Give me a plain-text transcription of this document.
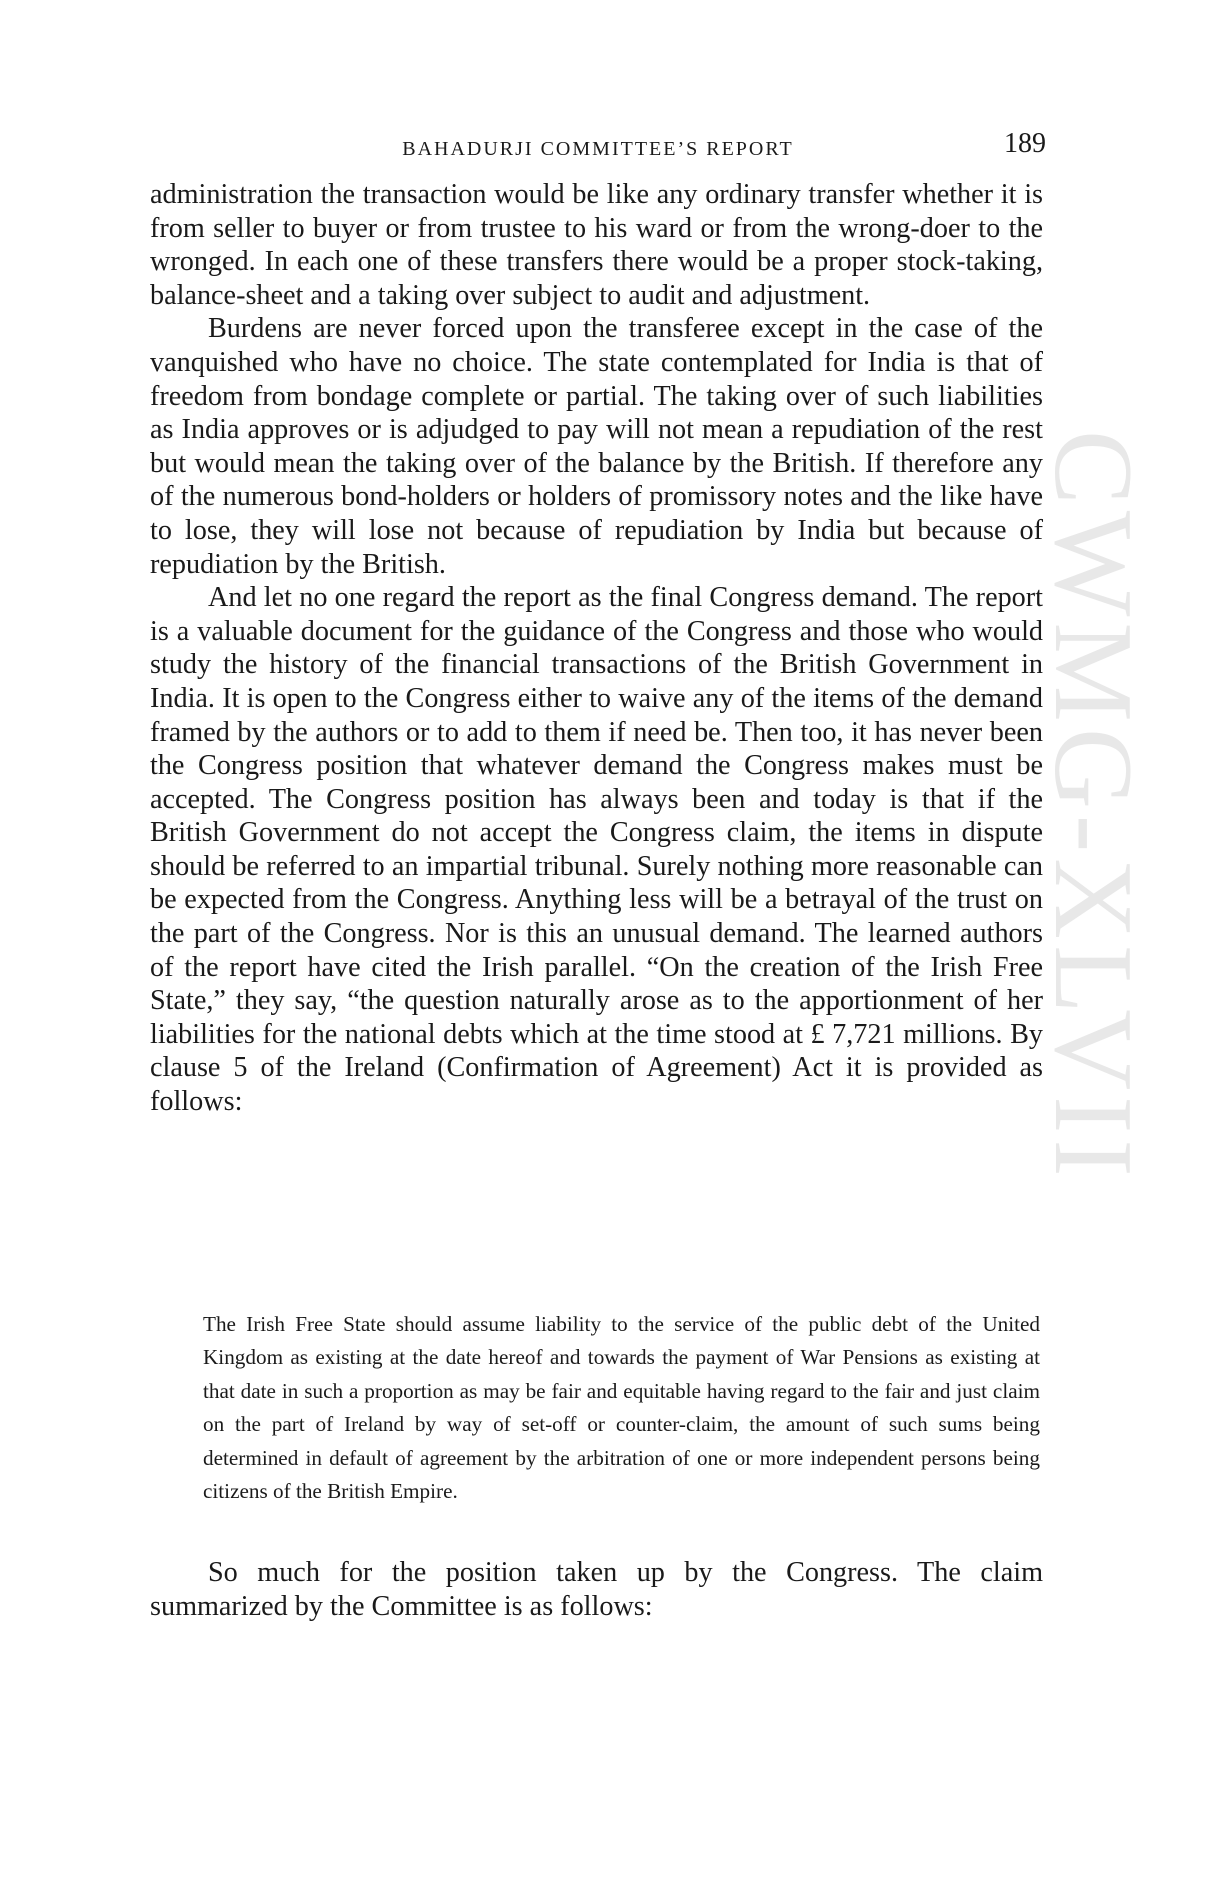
BAHADURJI COMMITTEE’S REPORT	189

administration the transaction would be like any ordinary transfer whether it is from seller to buyer or from trustee to his ward or from the wrong-doer to the wronged. In each one of these transfers there would be a proper stock-taking, balance-sheet and a taking over subject to audit and adjustment.

Burdens are never forced upon the transferee except in the case of the vanquished who have no choice. The state contemplated for India is that of freedom from bondage complete or partial. The taking over of such liabilities as India approves or is adjudged to pay will not mean a repudiation of the rest but would mean the taking over of the balance by the British. If therefore any of the numerous bond-holders or holders of promissory notes and the like have to lose, they will lose not because of repudiation by India but because of repudiation by the British.

And let no one regard the report as the final Congress demand. The report is a valuable document for the guidance of the Congress and those who would study the history of the financial transactions of the British Government in India. It is open to the Congress either to waive any of the items of the demand framed by the authors or to add to them if need be. Then too, it has never been the Congress position that whatever demand the Congress makes must be accepted. The Congress position has always been and today is that if the British Government do not accept the Congress claim, the items in dispute should be referred to an impartial tribunal. Surely nothing more reasonable can be expected from the Congress. Anything less will be a betrayal of the trust on the part of the Congress. Nor is this an unusual demand. The learned authors of the report have cited the Irish parallel. “On the creation of the Irish Free State,” they say, “the question naturally arose as to the apportionment of her liabilities for the national debts which at the time stood at £ 7,721 millions. By clause 5 of the Ireland (Confirmation of Agreement) Act it is provided as follows:

The Irish Free State should assume liability to the service of the public debt of the United Kingdom as existing at the date hereof and towards the payment of War Pensions as existing at that date in such a proportion as may be fair and equitable having regard to the fair and just claim on the part of Ireland by way of set-off or counter-claim, the amount of such sums being determined in default of agreement by the arbitration of one or more independent persons being citizens of the British Empire.

So much for the position taken up by the Congress. The claim summarized by the Committee is as follows:

CWMG-XLVII
